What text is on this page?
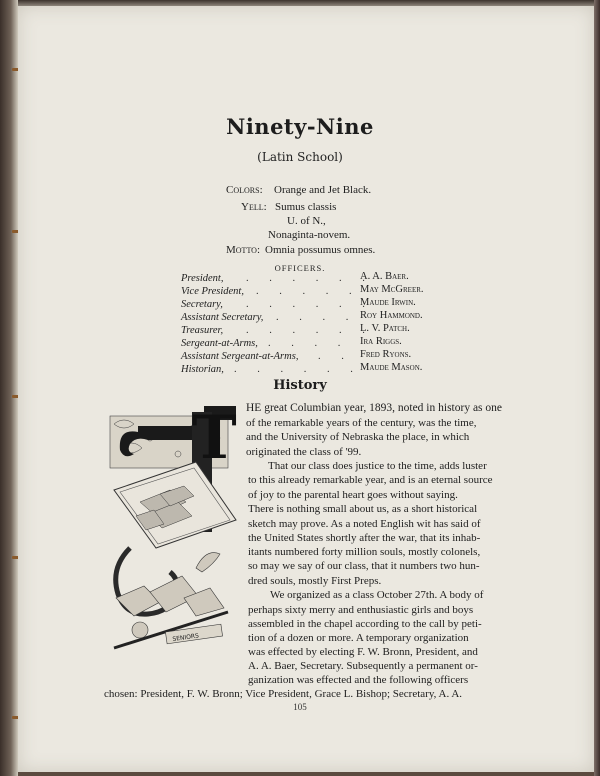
Ninety-Nine
(Latin School)
Colors: Orange and Jet Black.
Yell: Sumus classis
U. of N.,
Nonaginta-novem.
Motto: Omnia possumus omnes.
OFFICERS.
President, . . . . . .
A. A. Baer.
Vice President, . . . . . May McGreer.
Secretary, . . . . . .
Maude Irwin.
Assistant Secretary, . . . . Roy Hammond.
Treasurer, . . . . . .
L. V. Patch.
Sergeant-at-Arms, . . . . Ira Riggs.
Assistant Sergeant-at-Arms, . . Fred Ryons.
Historian, . . . . . .
Maude Mason.
History
T
SENIORS
HE great Columbian year, 1893, noted in history as one
of the remarkable years of the century, was the time,
and the University of Nebraska the place, in which
originated the class of '99.
That our class does justice to the time, adds luster
to this already remarkable year, and is an eternal source
of joy to the parental heart goes without saying.
There is nothing small about us, as a short historical
sketch may prove. As a noted English wit has said of
the United States shortly after the war, that its inhab-
itants numbered forty million souls, mostly colonels,
so may we say of our class, that it numbers two hun-
dred souls, mostly First Preps.
We organized as a class October 27th. A body of
perhaps sixty merry and enthusiastic girls and boys
assembled in the chapel according to the call by peti-
tion of a dozen or more. A temporary organization
was effected by electing F. W. Bronn, President, and
A. A. Baer, Secretary. Subsequently a permanent or-
ganization was effected and the following officers
chosen: President, F. W. Bronn; Vice President, Grace L. Bishop; Secretary, A. A.
105
